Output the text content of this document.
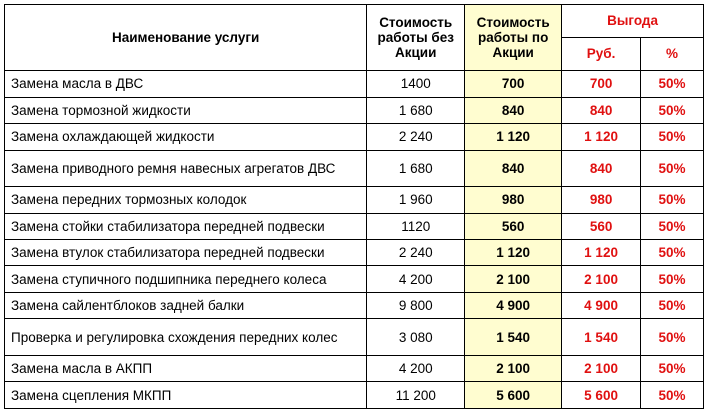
Наименование услуги	Стоимость работы без Акции	Стоимость работы по Акции	Выгода	
			Руб.	%
Замена масла в ДВС	1400	700	700	50%
Замена тормозной жидкости	1 680	840	840	50%
Замена охлаждающей жидкости	2 240	1 120	1 120	50%
Замена приводного ремня навесных агрегатов ДВС	1 680	840	840	50%
Замена передних тормозных колодок	1 960	980	980	50%
Замена стойки стабилизатора передней подвески	1120	560	560	50%
Замена втулок стабилизатора передней подвески	2 240	1 120	1 120	50%
Замена ступичного подшипника переднего колеса	4 200	2 100	2 100	50%
Замена сайлентблоков задней балки	9 800	4 900	4 900	50%
Проверка и регулировка схождения передних колес	3 080	1 540	1 540	50%
Замена масла в АКПП	4 200	2 100	2 100	50%
Замена сцепления МКПП	11 200	5 600	5 600	50%
